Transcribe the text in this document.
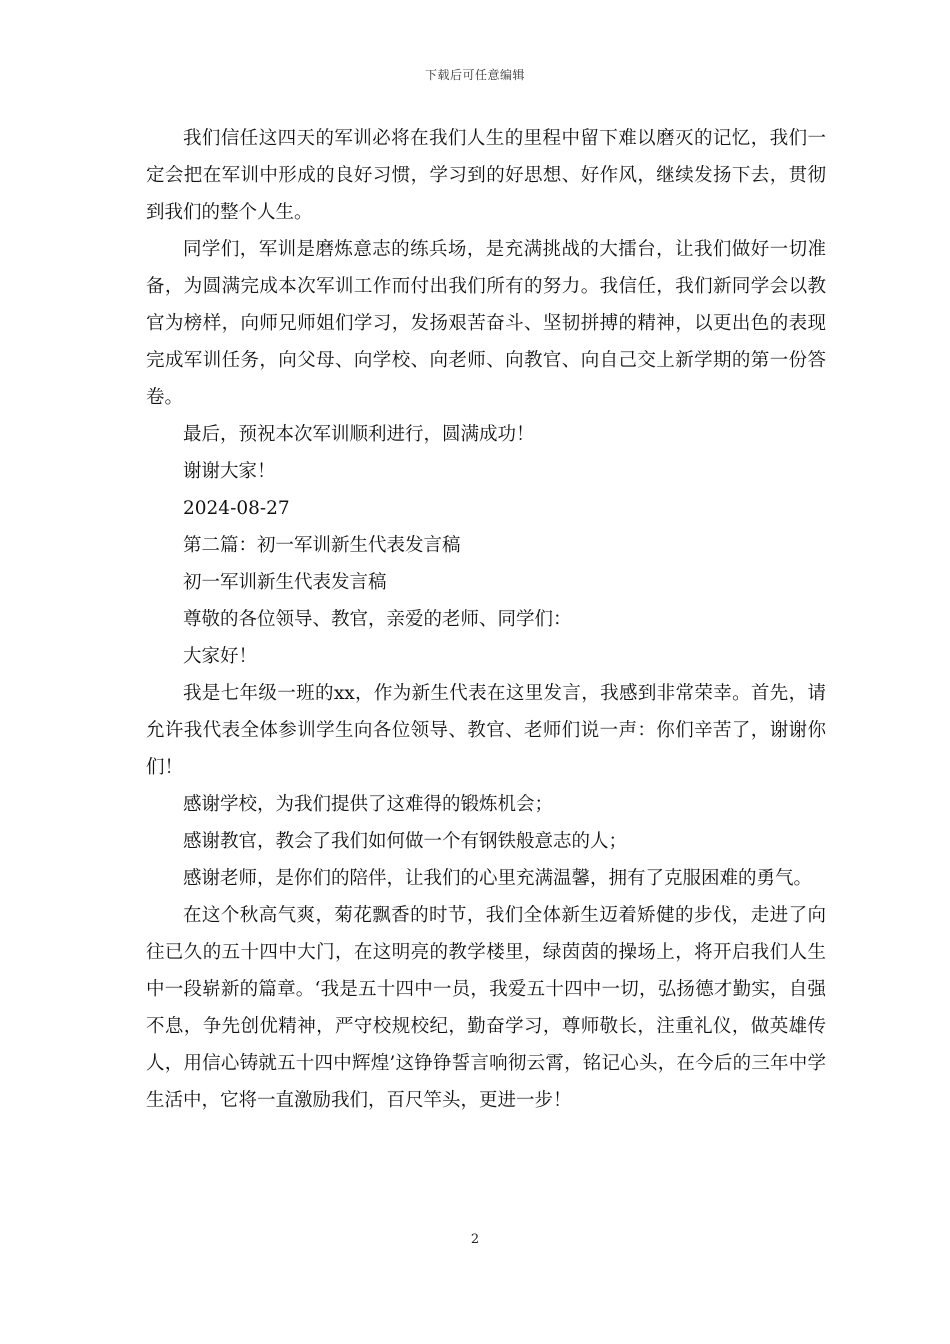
下载后可任意编辑

我们信任这四天的军训必将在我们人生的里程中留下难以磨灭的记忆，我们一定会把在军训中形成的良好习惯，学习到的好思想、好作风，继续发扬下去，贯彻到我们的整个人生。

同学们，军训是磨炼意志的练兵场，是充满挑战的大擂台，让我们做好一切准备，为圆满完成本次军训工作而付出我们所有的努力。我信任，我们新同学会以教官为榜样，向师兄师姐们学习，发扬艰苦奋斗、坚韧拼搏的精神，以更出色的表现完成军训任务，向父母、向学校、向老师、向教官、向自己交上新学期的第一份答卷。

最后，预祝本次军训顺利进行，圆满成功！

谢谢大家！

2024-08-27

第二篇：初一军训新生代表发言稿

初一军训新生代表发言稿

尊敬的各位领导、教官，亲爱的老师、同学们：

大家好！

我是七年级一班的xx，作为新生代表在这里发言，我感到非常荣幸。首先，请允许我代表全体参训学生向各位领导、教官、老师们说一声：你们辛苦了，谢谢你们！

感谢学校，为我们提供了这难得的锻炼机会；

感谢教官，教会了我们如何做一个有钢铁般意志的人；

感谢老师，是你们的陪伴，让我们的心里充满温馨，拥有了克服困难的勇气。

在这个秋高气爽，菊花飘香的时节，我们全体新生迈着矫健的步伐，走进了向往已久的五十四中大门，在这明亮的教学楼里，绿茵茵的操场上，将开启我们人生中一段崭新的篇章。‘我是五十四中一员，我爱五十四中一切，弘扬德才勤实，自强不息，争先创优精神，严守校规校纪，勤奋学习，尊师敬长，注重礼仪，做英雄传人，用信心铸就五十四中辉煌’这铮铮誓言响彻云霄，铭记心头，在今后的三年中学生活中，它将一直激励我们，百尺竿头，更进一步！

2
